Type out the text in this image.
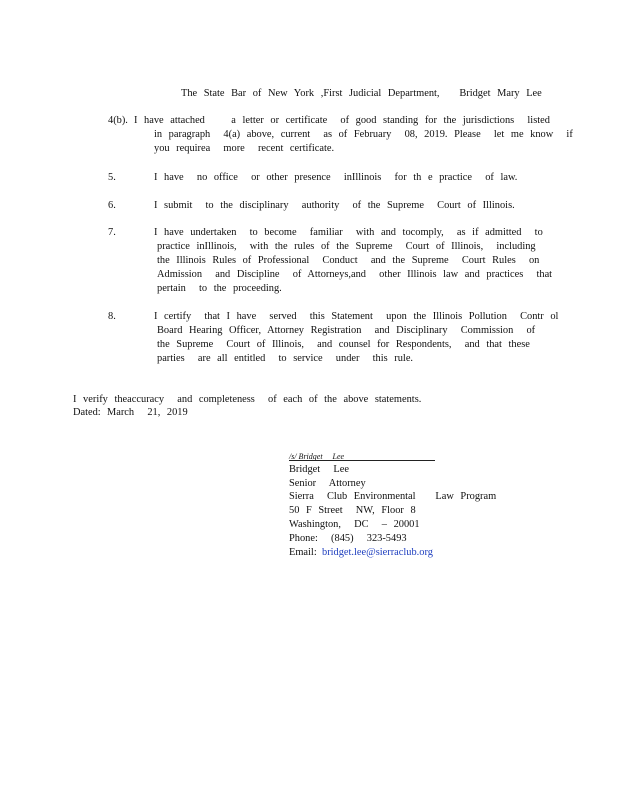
The State Bar of New York ,First Judicial Department,   Bridget Mary Lee
4(b). I have attached    a letter or certificate  of good standing for the jurisdictions  listed
in paragraph  4(a) above, current  as of February  08, 2019. Please  let me know  if
you requirea  more  recent certificate.
5.	I have  no office  or other presence  inIllinois  for th e practice  of law.
6.	I submit  to the disciplinary  authority  of the Supreme  Court of Illinois.
7.	I have undertaken  to become  familiar  with and tocomply,  as if admitted  to
practice inIllinois,  with the rules of the Supreme  Court of Illinois,  including
the Illinois Rules of Professional  Conduct  and the Supreme  Court Rules  on
Admission  and Discipline  of Attorneys,and  other Illinois law and practices  that
pertain  to the proceeding.
8.	I certify  that I have  served  this Statement  upon the Illinois Pollution  Contr ol
Board Hearing Officer, Attorney Registration  and Disciplinary  Commission  of
the Supreme  Court of Illinois,  and counsel for Respondents,  and that these
parties  are all entitled  to service  under  this rule.
I verify theaccuracy  and completeness  of each of the above statements.
Dated: March  21, 2019
/s/ Bridget     Lee
Bridget  Lee
Senior  Attorney
Sierra  Club Environmental   Law Program
50 F Street  NW, Floor 8
Washington,  DC  – 20001
Phone:  (845)  323-5493
Email: bridget.lee@sierraclub.org
